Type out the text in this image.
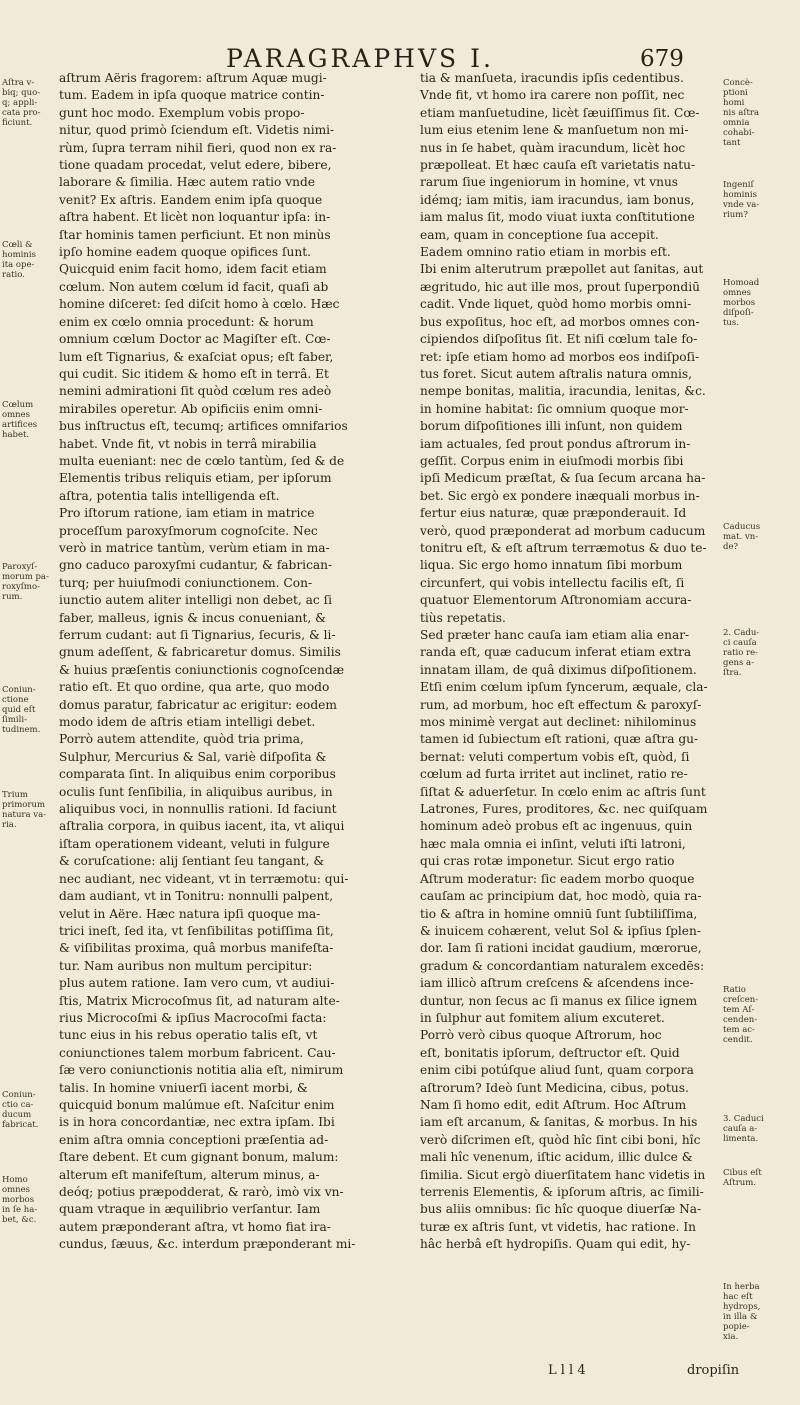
PARAGRAPHVS I.	679
Aſtra v-
biq; quo-
q; appli-
cata pro-
ficiunt.
Cœli &
hominis
ita ope-
ratio.
Cœlum
omnes
artifices
habet.
Paroxyſ-
morum pa-
roxyſmo-
rum.
Coniun-
ctione
quid eſt
ſimili-
tudinem.
Trium
primorum
natura va-
ria.
Coniun-
ctio ca-
ducum
fabricat.
Homo
omnes
morbos
in ſe ha-
bet, &c.
aſtrum Aëris fragorem: aſtrum Aquæ mugi-
tum. Eadem in ipſa quoque matrice contin-
gunt hoc modo. Exemplum vobis propo-
nitur, quod primò ſciendum eſt. Videtis nimi-
rùm, ſupra terram nihil fieri, quod non ex ra-
tione quadam procedat, velut edere, bibere,
laborare & ſimilia. Hæc autem ratio vnde
venit? Ex aſtris. Eandem enim ipſa quoque
aſtra habent. Et licèt non loquantur ipſa: in-
ſtar hominis tamen perficiunt. Et non minùs
ipſo homine eadem quoque opifices ſunt.
Quicquid enim facit homo, idem facit etiam
cœlum. Non autem cœlum id facit, quaſi ab
homine diſceret: ſed diſcit homo à cœlo. Hæc
enim ex cœlo omnia procedunt: & horum
omnium cœlum Doctor ac Magiſter eſt. Cœ-
lum eſt Tignarius, & exaſciat opus; eſt faber,
qui cudit. Sic itidem & homo eſt in terrâ. Et
nemini admirationi ſit quòd cœlum res adeò
mirabiles operetur. Ab opificiis enim omni-
bus inſtructus eſt, tecumq; artifices omnifarios
habet. Vnde fit, vt nobis in terrâ mirabilia
multa eueniant: nec de cœlo tantùm, ſed & de
Elementis tribus reliquis etiam, per ipſorum
aſtra, potentia talis intelligenda eſt.
Pro iſtorum ratione, iam etiam in matrice
proceſſum paroxyſmorum cognoſcite. Nec
verò in matrice tantùm, verùm etiam in ma-
gno caduco paroxyſmi cudantur, & fabrican-
turq; per huiuſmodi coniunctionem. Con-
iunctio autem aliter intelligi non debet, ac ſi
faber, malleus, ignis & incus conueniant, &
ferrum cudant: aut ſi Tignarius, ſecuris, & li-
gnum adeſſent, & fabricaretur domus. Similis
& huius præſentis coniunctionis cognoſcendæ
ratio eſt. Et quo ordine, qua arte, quo modo
domus paratur, fabricatur ac erigitur: eodem
modo idem de aſtris etiam intelligi debet.
Porrò autem attendite, quòd tria prima,
Sulphur, Mercurius & Sal, variè diſpoſita &
comparata ſint. In aliquibus enim corporibus
oculis ſunt ſenſibilia, in aliquibus auribus, in
aliquibus voci, in nonnullis rationi. Id faciunt
aſtralia corpora, in quibus iacent, ita, vt aliqui
iſtam operationem videant, veluti in fulgure
& coruſcatione: alij ſentiant ſeu tangant, &
nec audiant, nec videant, vt in terræmotu: qui-
dam audiant, vt in Tonitru: nonnulli palpent,
velut in Aëre. Hæc natura ipſi quoque ma-
trici ineſt, ſed ita, vt ſenſibilitas potiſſima ſit,
& viſibilitas proxima, quâ morbus manifeſta-
tur. Nam auribus non multum percipitur:
plus autem ratione. Iam vero cum, vt audiui-
ſtis, Matrix Microcoſmus ſit, ad naturam alte-
rius Microcoſmi & ipſius Macrocoſmi facta:
tunc eius in his rebus operatio talis eſt, vt
coniunctiones talem morbum fabricent. Cau-
ſæ vero coniunctionis notitia alia eſt, nimirum
talis. In homine vniuerſi iacent morbi, &
quicquid bonum malúmue eſt. Naſcitur enim
is in hora concordantiæ, nec extra ipſam. Ibi
enim aſtra omnia conceptioni præſentia ad-
ſtare debent. Et cum gignant bonum, malum:
alterum eſt manifeſtum, alterum minus, a-
deóq; potius præpodderat, & rarò, imò vix vn-
quam vtraque in æquilibrio verſantur. Iam
autem præponderant aſtra, vt homo fiat ira-
cundus, ſæuus, &c. interdum præponderant mi-
tia & manſueta, iracundis ipſis cedentibus.
Vnde fit, vt homo ira carere non poſſit, nec
etiam manſuetudine, licèt ſæuiſſimus ſit. Cœ-
lum eius etenim lene & manſuetum non mi-
nus in ſe habet, quàm iracundum, licèt hoc
præpolleat. Et hæc cauſa eſt varietatis natu-
rarum ſiue ingeniorum in homine, vt vnus
idémq; iam mitis, iam iracundus, iam bonus,
iam malus ſit, modo viuat iuxta conſtitutione
eam, quam in conceptione ſua accepit.
Eadem omnino ratio etiam in morbis eſt.
Ibi enim alterutrum præpollet aut ſanitas, aut
ægritudo, hic aut ille mos, prout ſuperpondiū
cadit. Vnde liquet, quòd homo morbis omni-
bus expoſitus, hoc eſt, ad morbos omnes con-
cipiendos diſpoſitus ſit. Et niſi cœlum tale fo-
ret: ipſe etiam homo ad morbos eos indiſpoſi-
tus foret. Sicut autem aſtralis natura omnis,
nempe bonitas, malitia, iracundia, lenitas, &c.
in homine habitat: ſic omnium quoque mor-
borum diſpoſitiones illi inſunt, non quidem
iam actuales, ſed prout pondus aſtrorum in-
geſſit. Corpus enim in eiuſmodi morbis ſibi
ipſi Medicum præſtat, & ſua ſecum arcana ha-
bet. Sic ergò ex pondere inæquali morbus in-
fertur eius naturæ, quæ præponderauit. Id
verò, quod præponderat ad morbum caducum
tonitru eſt, & eſt aſtrum terræmotus & duo te-
liqua. Sic ergo homo innatum ſibi morbum
circunfert, qui vobis intellectu facilis eſt, ſi
quatuor Elementorum Aſtronomiam accura-
tiùs repetatis.
Sed præter hanc cauſa iam etiam alia enar-
randa eſt, quæ caducum inferat etiam extra
innatam illam, de quâ diximus diſpoſitionem.
Etſi enim cœlum ipſum ſyncerum, æquale, cla-
rum, ad morbum, hoc eſt effectum & paroxyſ-
mos minimè vergat aut declinet: nihilominus
tamen id ſubiectum eſt rationi, quæ aſtra gu-
bernat: veluti compertum vobis eſt, quòd, ſi
cœlum ad furta irritet aut inclinet, ratio re-
ſiſtat & aduerſetur. In cœlo enim ac aſtris ſunt
Latrones, Fures, proditores, &c. nec quiſquam
hominum adeò probus eſt ac ingenuus, quin
hæc mala omnia ei inſint, veluti iſti latroni,
qui cras rotæ imponetur. Sicut ergo ratio
Aſtrum moderatur: ſic eadem morbo quoque
cauſam ac principium dat, hoc modò, quia ra-
tio & aſtra in homine omniū ſunt ſubtiliſſima,
& inuicem cohærent, velut Sol & ipſius ſplen-
dor. Iam ſi rationi incidat gaudium, mœrorue,
gradum & concordantiam naturalem excedēs:
iam illicò aſtrum creſcens & aſcendens ince-
duntur, non ſecus ac ſi manus ex ſilice ignem
in ſulphur aut fomitem alium excuteret.
Porrò verò cibus quoque Aſtrorum, hoc
eſt, bonitatis ipſorum, deſtructor eſt. Quid
enim cibi potúſque aliud ſunt, quam corpora
aſtrorum? Ideò ſunt Medicina, cibus, potus.
Nam ſi homo edit, edit Aſtrum. Hoc Aſtrum
iam eſt arcanum, & ſanitas, & morbus. In his
verò diſcrimen eſt, quòd hîc ſint cibi boni, hîc
mali hîc venenum, iſtic acidum, illic dulce &
ſimilia. Sicut ergò diuerſitatem hanc videtis in
terrenis Elementis, & ipſorum aſtris, ac ſimili-
bus aliis omnibus: ſic hîc quoque diuerſæ Na-
turæ ex aſtris ſunt, vt videtis, hac ratione. In
hâc herbâ eſt hydropiſis. Quam qui edit, hy-
Concè-
ptioni
homi
nis aſtra
omnia
cohabi-
tant
Ingeniſ
hominis
vnde va-
rium?
Homoad
omnes
morbos
diſpoſi-
tus.
Caducus
mat. vn-
de?
2. Cadu-
ci cauſa
ratio re-
gens a-
ſtra.
Ratio
creſcen-
tem Aſ-
cenden-
tem ac-
cendit.
3. Caduci
cauſa a-
limenta.
Cibus eſt
Aſtrum.
In herba
hac eſt
hydrops,
in illa &
popie-
xia.
L l l 4	dropiſin
